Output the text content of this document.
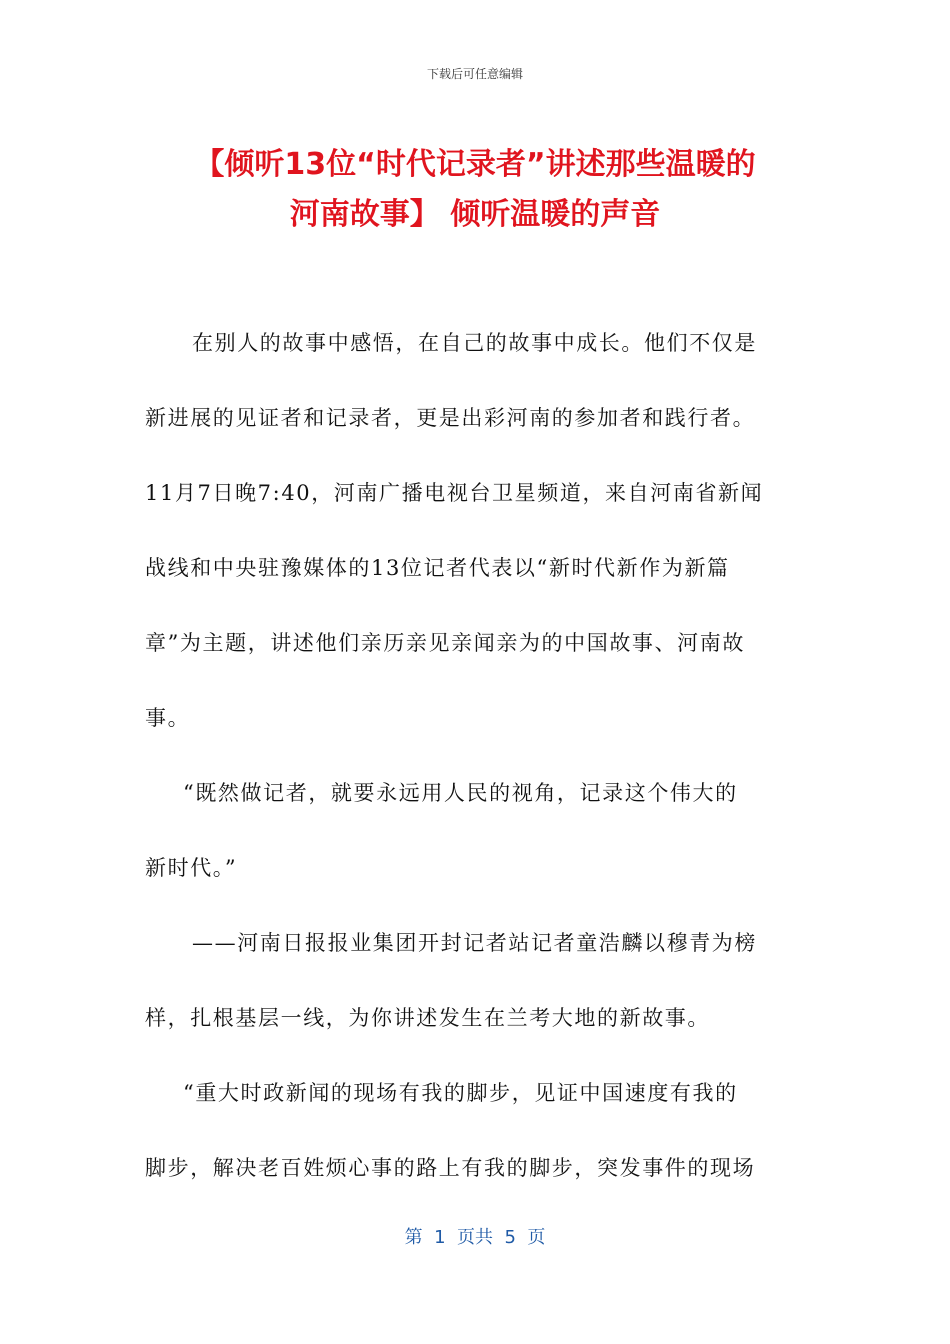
下载后可任意编辑
【倾听13位“时代记录者”讲述那些温暖的
河南故事】 倾听温暖的声音
在别人的故事中感悟，在自己的故事中成长。他们不仅是
新进展的见证者和记录者，更是出彩河南的参加者和践行者。
11月7日晚7:40，河南广播电视台卫星频道，来自河南省新闻
战线和中央驻豫媒体的13位记者代表以“新时代新作为新篇
章”为主题，讲述他们亲历亲见亲闻亲为的中国故事、河南故
事。
“既然做记者，就要永远用人民的视角，记录这个伟大的
新时代。”
——河南日报报业集团开封记者站记者童浩麟以穆青为榜
样，扎根基层一线，为你讲述发生在兰考大地的新故事。
“重大时政新闻的现场有我的脚步，见证中国速度有我的
脚步，解决老百姓烦心事的路上有我的脚步，突发事件的现场
第  1  页共  5  页
